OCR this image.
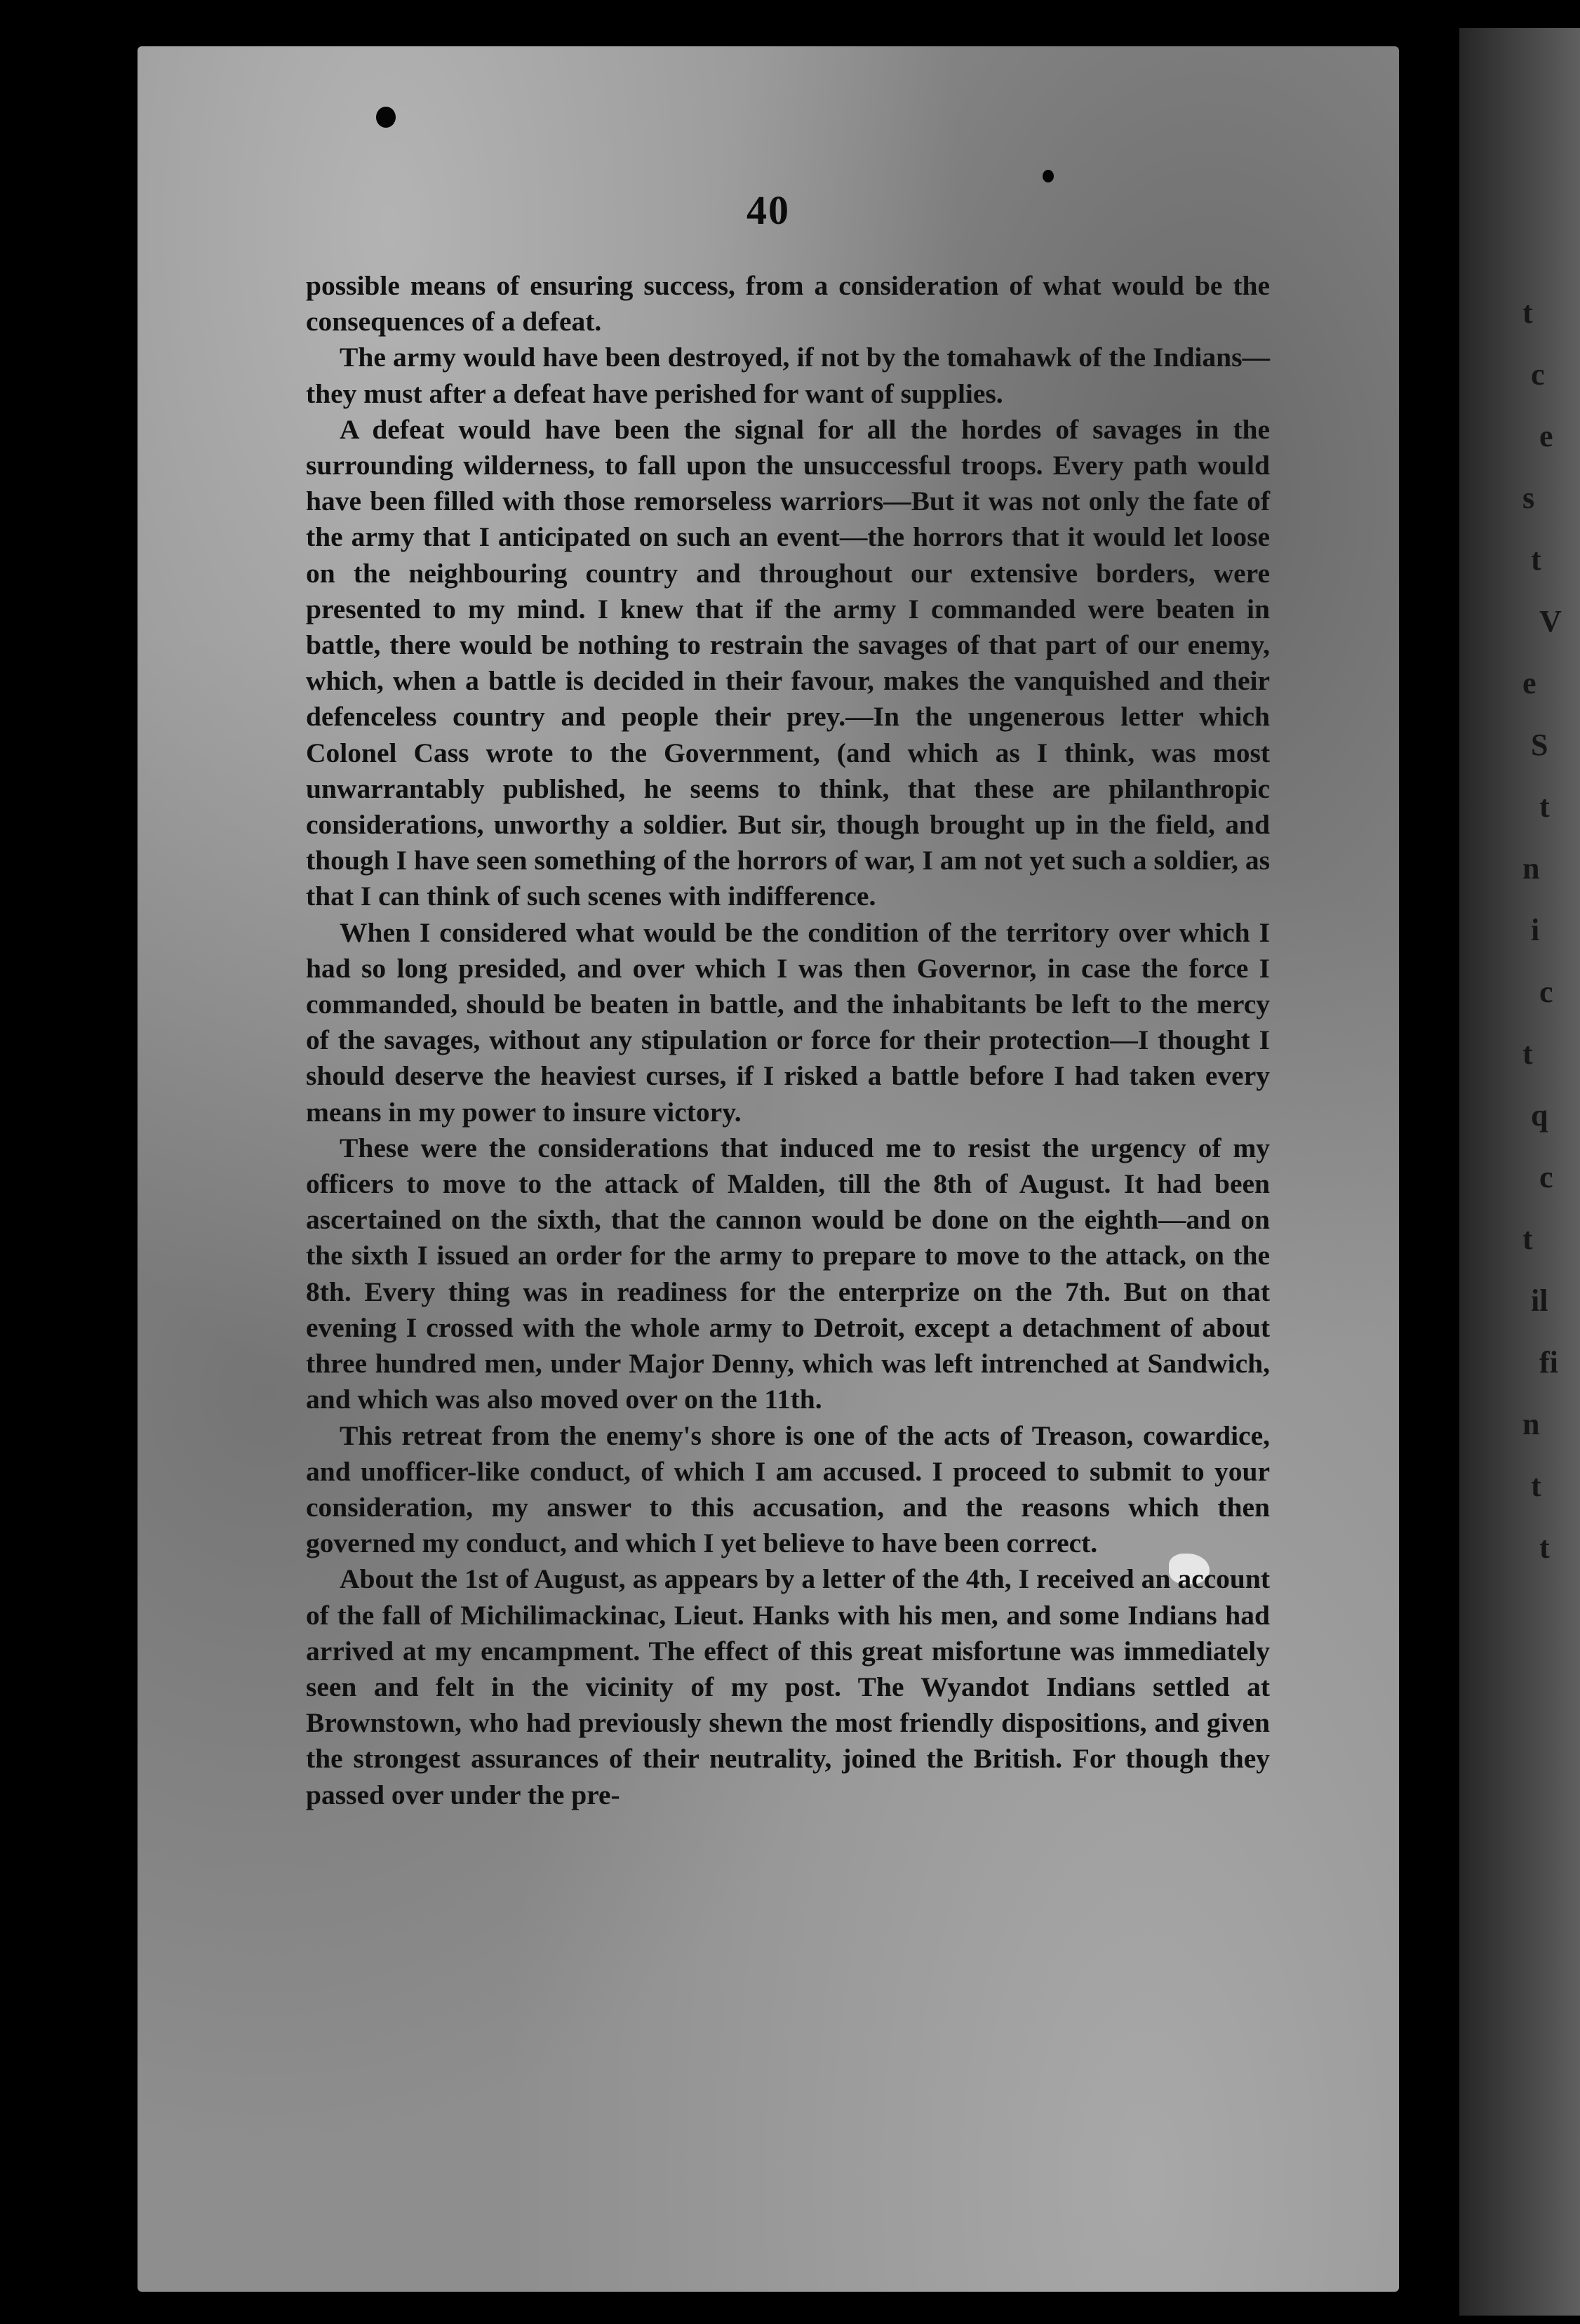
40

possible means of ensuring success, from a consideration of what would be the consequences of a defeat.

The army would have been destroyed, if not by the tomahawk of the Indians—they must after a defeat have perished for want of supplies.

A defeat would have been the signal for all the hordes of savages in the surrounding wilderness, to fall upon the unsuccessful troops. Every path would have been filled with those remorseless warriors—But it was not only the fate of the army that I anticipated on such an event—the horrors that it would let loose on the neighbouring country and throughout our extensive borders, were presented to my mind. I knew that if the army I commanded were beaten in battle, there would be nothing to restrain the savages of that part of our enemy, which, when a battle is decided in their favour, makes the vanquished and their defenceless country and people their prey.—In the ungenerous letter which Colonel Cass wrote to the Government, (and which as I think, was most unwarrantably published, he seems to think, that these are philanthropic considerations, unworthy a soldier. But sir, though brought up in the field, and though I have seen something of the horrors of war, I am not yet such a soldier, as that I can think of such scenes with indifference.

When I considered what would be the condition of the territory over which I had so long presided, and over which I was then Governor, in case the force I commanded, should be beaten in battle, and the inhabitants be left to the mercy of the savages, without any stipulation or force for their protection—I thought I should deserve the heaviest curses, if I risked a battle before I had taken every means in my power to insure victory.

These were the considerations that induced me to resist the urgency of my officers to move to the attack of Malden, till the 8th of August. It had been ascertained on the sixth, that the cannon would be done on the eighth—and on the sixth I issued an order for the army to prepare to move to the attack, on the 8th. Every thing was in readiness for the enterprize on the 7th. But on that evening I crossed with the whole army to Detroit, except a detachment of about three hundred men, under Major Denny, which was left intrenched at Sandwich, and which was also moved over on the 11th.

This retreat from the enemy's shore is one of the acts of Treason, cowardice, and unofficer-like conduct, of which I am accused. I proceed to submit to your consideration, my answer to this accusation, and the reasons which then governed my conduct, and which I yet believe to have been correct.

About the 1st of August, as appears by a letter of the 4th, I received an account of the fall of Michilimackinac, Lieut. Hanks with his men, and some Indians had arrived at my encampment. The effect of this great misfortune was immediately seen and felt in the vicinity of my post. The Wyandot Indians settled at Brownstown, who had previously shewn the most friendly dispositions, and given the strongest assurances of their neutrality, joined the British. For though they passed over under the pre-

t
c
e
s
t
V
e
S
t
n
i
c
t
q
c
t
il
fi
n
t
t
